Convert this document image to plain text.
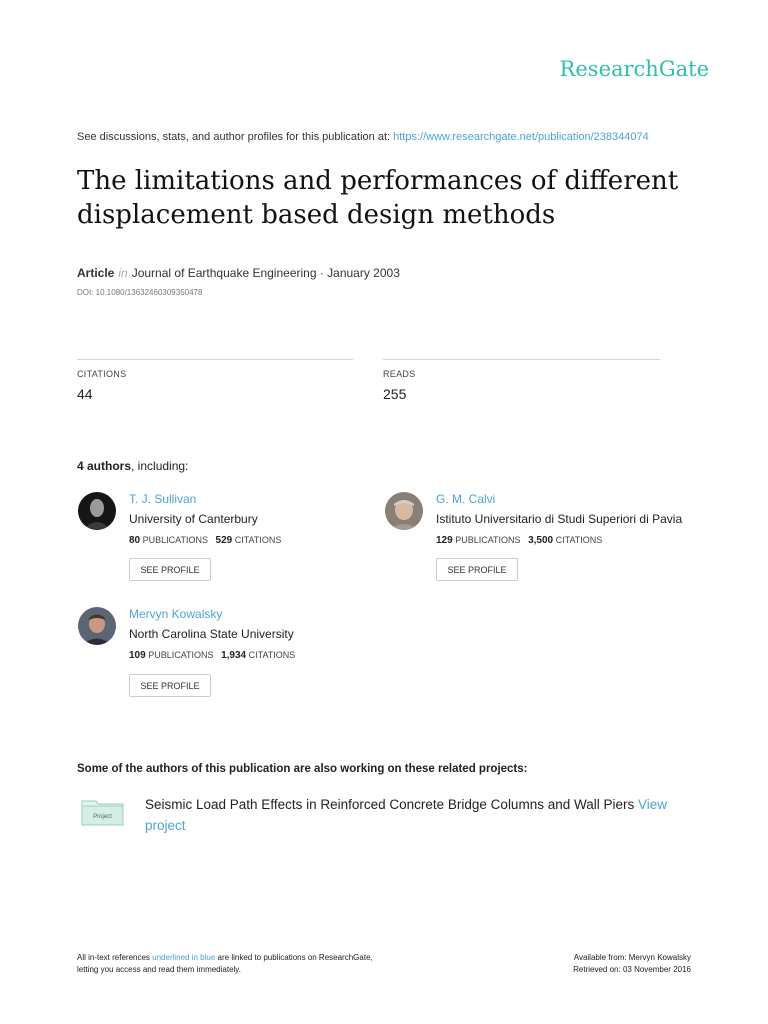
ResearchGate
See discussions, stats, and author profiles for this publication at: https://www.researchgate.net/publication/238344074
The limitations and performances of different
displacement based design methods
Article in Journal of Earthquake Engineering · January 2003
DOI: 10.1080/13632460309350478
CITATIONS
44
READS
255
4 authors, including:
T. J. Sullivan
University of Canterbury
80 PUBLICATIONS 529 CITATIONS
SEE PROFILE
G. M. Calvi
Istituto Universitario di Studi Superiori di Pavia
129 PUBLICATIONS 3,500 CITATIONS
SEE PROFILE
Mervyn Kowalsky
North Carolina State University
109 PUBLICATIONS 1,934 CITATIONS
SEE PROFILE
Some of the authors of this publication are also working on these related projects:
Project
Seismic Load Path Effects in Reinforced Concrete Bridge Columns and Wall Piers View project
All in-text references underlined in blue are linked to publications on ResearchGate,
letting you access and read them immediately.
Available from: Mervyn Kowalsky
Retrieved on: 03 November 2016
